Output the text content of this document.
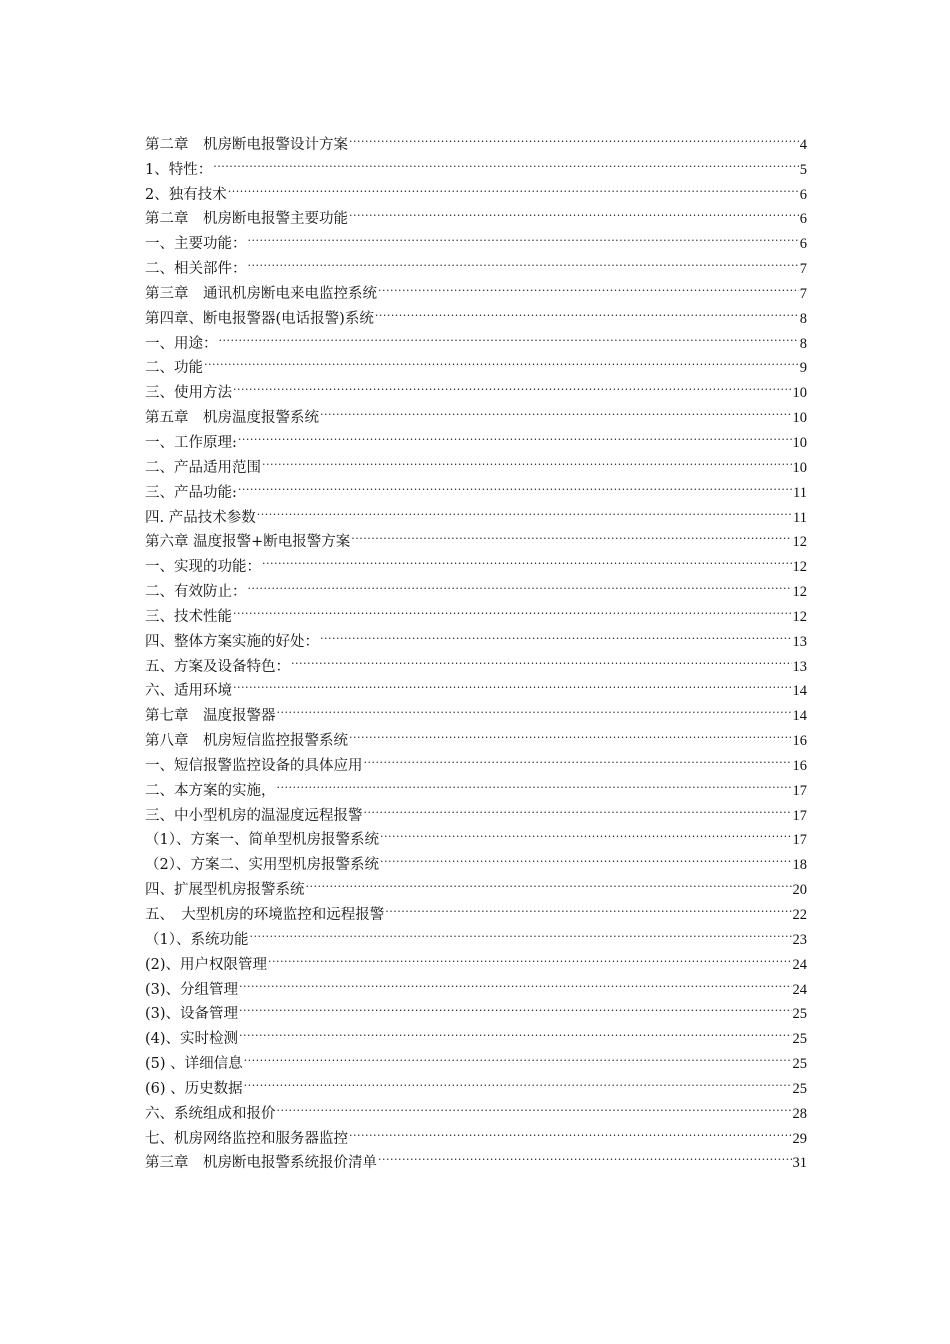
第二章　机房断电报警设计方案 .....	4
1、特性： .....	5
2、独有技术 .....	6
第二章　机房断电报警主要功能 .....	6
一、主要功能： .....	6
二、相关部件： .....	7
第三章　通讯机房断电来电监控系统 .....	7
第四章、断电报警器(电话报警)系统 .....	8
一、用途： .....	8
二、功能 .....	9
三、使用方法 .....	10
第五章　机房温度报警系统 .....	10
一、工作原理: .....	10
二、产品适用范围 .....	10
三、产品功能: .....	11
四. 产品技术参数 .....	11
第六章 温度报警+断电报警方案 .....	12
一、实现的功能： .....	12
二、有效防止： .....	12
三、技术性能 .....	12
四、整体方案实施的好处： .....	13
五、方案及设备特色： .....	13
六、适用环境 .....	14
第七章　温度报警器 .....	14
第八章　机房短信监控报警系统 .....	16
一、短信报警监控设备的具体应用 .....	16
二、本方案的实施， .....	17
三、中小型机房的温湿度远程报警 .....	17
（1）、方案一、简单型机房报警系统 .....	17
（2）、方案二、实用型机房报警系统 .....	18
四、扩展型机房报警系统 .....	20
五、　大型机房的环境监控和远程报警 .....	22
（1）、系统功能 .....	23
(2)、用户权限管理 .....	24
(3)、分组管理 .....	24
(3)、设备管理 .....	25
(4)、实时检测 .....	25
(5) 、详细信息 .....	25
(6) 、历史数据 .....	25
六、系统组成和报价 .....	28
七、机房网络监控和服务器监控 .....	29
第三章　机房断电报警系统报价清单 .....	31
